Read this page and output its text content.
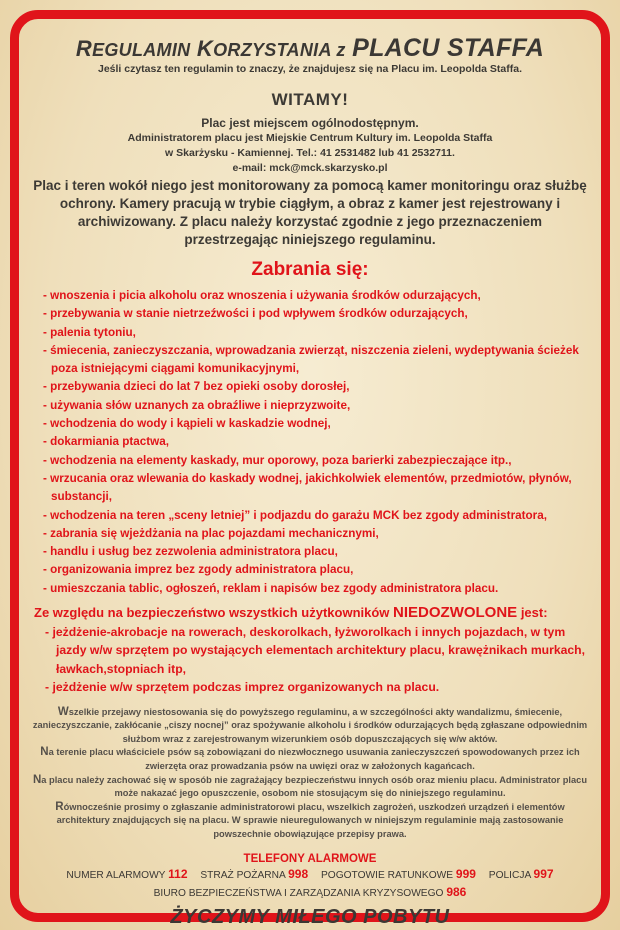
REGULAMIN KORZYSTANIA z PLACU STAFFA
Jeśli czytasz ten regulamin to znaczy, że znajdujesz się na Placu im. Leopolda Staffa.
WITAMY!
Plac jest miejscem ogólnodostępnym.
Administratorem placu jest Miejskie Centrum Kultury im. Leopolda Staffa
w Skarżysku - Kamiennej. Tel.: 41 2531482 lub 41 2532711.
e-mail: mck@mck.skarzysko.pl
Plac i teren wokół niego jest monitorowany za pomocą kamer monitoringu oraz służbę ochrony. Kamery pracują w trybie ciągłym, a obraz z kamer jest rejestrowany i archiwizowany. Z placu należy korzystać zgodnie z jego przeznaczeniem przestrzegając niniejszego regulaminu.
Zabrania się:
- wnoszenia i picia alkoholu oraz wnoszenia i używania środków odurzających,
- przebywania w stanie nietrzeźwości i pod wpływem środków odurzających,
- palenia tytoniu,
- śmiecenia, zanieczyszczania, wprowadzania zwierząt, niszczenia zieleni, wydeptywania ścieżek poza istniejącymi ciągami komunikacyjnymi,
- przebywania dzieci do lat 7 bez opieki osoby dorosłej,
- używania słów uznanych za obraźliwe i nieprzyzwoite,
- wchodzenia do wody i kąpieli w kaskadzie wodnej,
- dokarmiania ptactwa,
- wchodzenia na elementy kaskady, mur oporowy, poza barierki zabezpieczające itp.,
- wrzucania oraz wlewania do kaskady wodnej, jakichkolwiek elementów, przedmiotów, płynów, substancji,
- wchodzenia na teren „sceny letniej” i podjazdu do garażu MCK bez zgody administratora,
- zabrania się wjeżdżania na plac pojazdami mechanicznymi,
- handlu i usług bez zezwolenia administratora placu,
- organizowania imprez bez zgody administratora placu,
- umieszczania tablic, ogłoszeń, reklam i napisów bez zgody administratora placu.
Ze względu na bezpieczeństwo wszystkich użytkowników NIEDOZWOLONE jest:
- jeżdżenie-akrobacje na rowerach, deskorolkach, łyżworolkach i innych pojazdach, w tym jazdy w/w sprzętem po wystających elementach architektury placu, krawężnikach murkach, ławkach,stopniach itp,
- jeżdżenie w/w sprzętem podczas imprez organizowanych na placu.
Wszelkie przejawy niestosowania się do powyższego regulaminu, a w szczególności akty wandalizmu, śmiecenie, zanieczyszczanie, zakłócanie „ciszy nocnej” oraz spożywanie alkoholu i środków odurzających będą zgłaszane odpowiednim służbom wraz z zarejestrowanym wizerunkiem osób dopuszczających się w/w aktów.
Na terenie placu właściciele psów są zobowiązani do niezwłocznego usuwania zanieczyszczeń spowodowanych przez ich zwierzęta oraz prowadzania psów na uwięzi oraz w założonych kagańcach.
Na placu należy zachować się w sposób nie zagrażający bezpieczeństwu innych osób oraz mieniu placu. Administrator placu może nakazać jego opuszczenie, osobom nie stosującym się do niniejszego regulaminu.
Równocześnie prosimy o zgłaszanie administratorowi placu, wszelkich zagrożeń, uszkodzeń urządzeń i elementów architektury znajdujących się na placu. W sprawie nieuregulowanych w niniejszym regulaminie mają zastosowanie powszechnie obowiązujące przepisy prawa.
TELEFONY ALARMOWE
NUMER ALARMOWY 112 STRAŻ POŻARNA 998 POGOTOWIE RATUNKOWE 999 POLICJA 997
BIURO BEZPIECZEŃSTWA I ZARZĄDZANIA KRYZYSOWEGO 986
ŻYCZYMY MIŁEGO POBYTU
